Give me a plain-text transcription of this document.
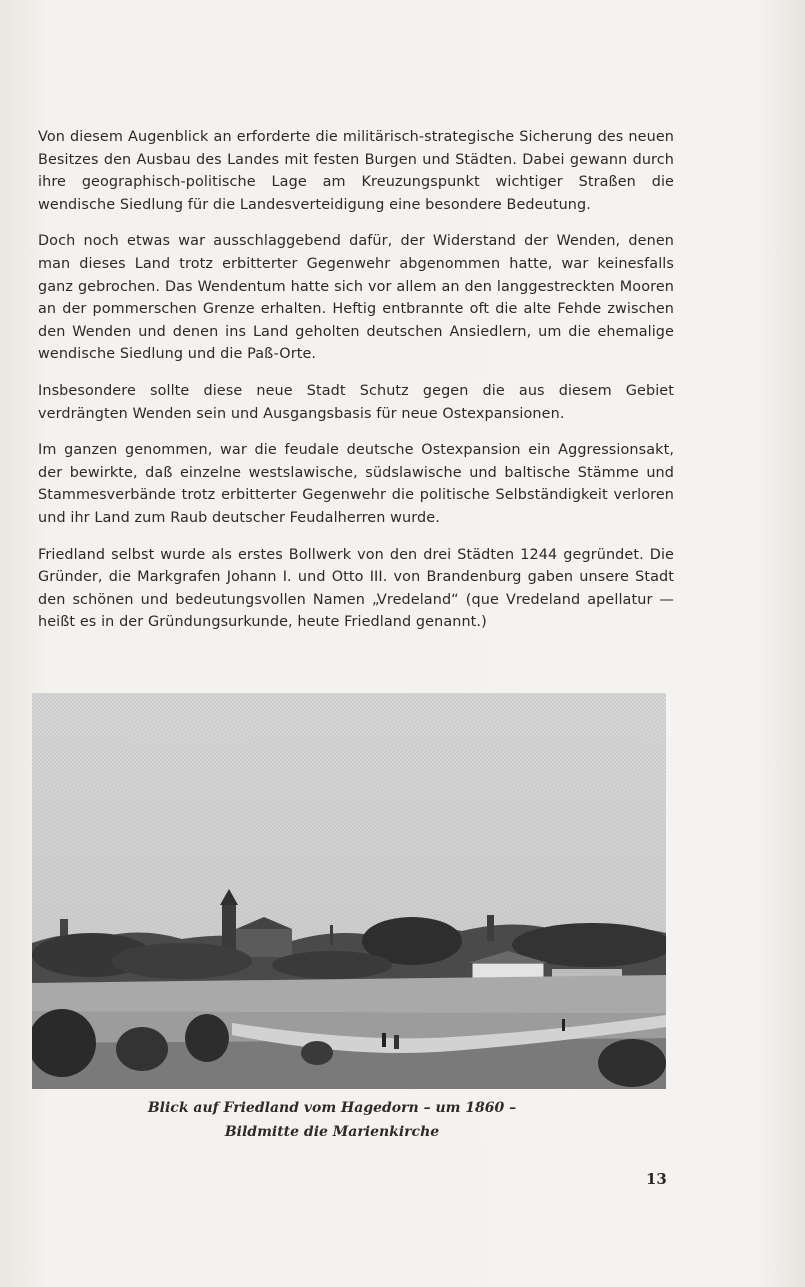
Von diesem Augenblick an erforderte die militärisch-strategische Sicherung des neuen Besitzes den Ausbau des Landes mit festen Burgen und Städten. Dabei gewann durch ihre geographisch-politische Lage am Kreuzungspunkt wichtiger Straßen die wendische Siedlung für die Landesverteidigung eine besondere Bedeutung.

Doch noch etwas war ausschlaggebend dafür, der Widerstand der Wenden, denen man dieses Land trotz erbitterter Gegenwehr abgenommen hatte, war keinesfalls ganz gebrochen. Das Wendentum hatte sich vor allem an den langgestreckten Mooren an der pommerschen Grenze erhalten. Heftig entbrannte oft die alte Fehde zwischen den Wenden und denen ins Land geholten deutschen Ansiedlern, um die ehemalige wendische Siedlung und die Paß-Orte.

Insbesondere sollte diese neue Stadt Schutz gegen die aus diesem Gebiet verdrängten Wenden sein und Ausgangsbasis für neue Ostexpansionen.

Im ganzen genommen, war die feudale deutsche Ostexpansion ein Aggressionsakt, der bewirkte, daß einzelne westslawische, südslawische und baltische Stämme und Stammesverbände trotz erbitterter Gegenwehr die politische Selbständigkeit verloren und ihr Land zum Raub deutscher Feudalherren wurde.

Friedland selbst wurde als erstes Bollwerk von den drei Städten 1244 gegründet. Die Gründer, die Markgrafen Johann I. und Otto III. von Brandenburg gaben unsere Stadt den schönen und bedeutungsvollen Namen „Vredeland“ (que Vredeland apellatur — heißt es in der Gründungsurkunde, heute Friedland genannt.)

Blick auf Friedland vom Hagedorn – um 1860 –
Bildmitte die Marienkirche
13
